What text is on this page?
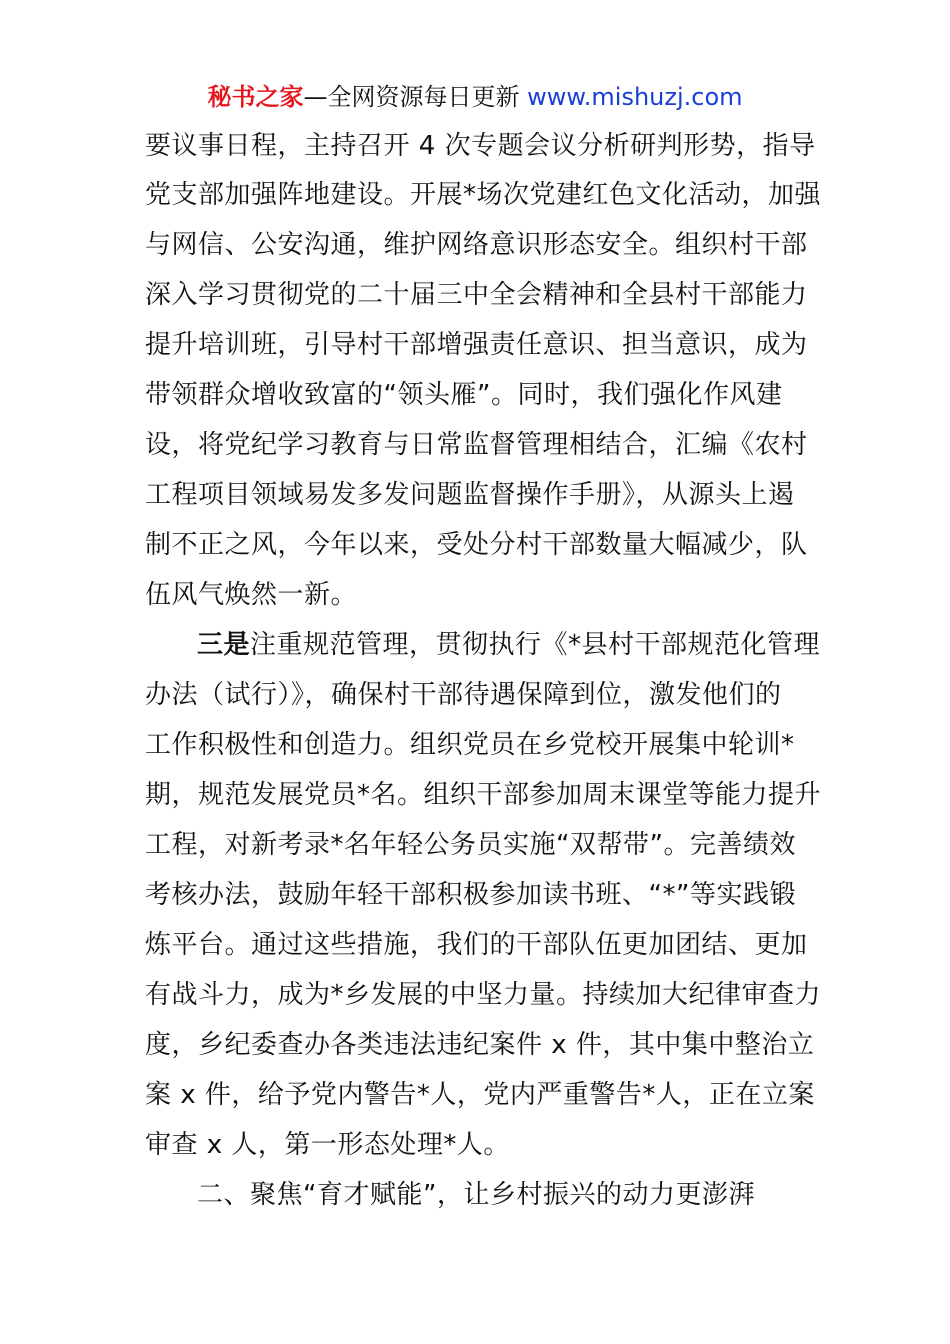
秘书之家—全网资源每日更新 www.mishuzj.com
要议事日程，主持召开 4 次专题会议分析研判形势，指导
党支部加强阵地建设。开展*场次党建红色文化活动，加强
与网信、公安沟通，维护网络意识形态安全。组织村干部
深入学习贯彻党的二十届三中全会精神和全县村干部能力
提升培训班，引导村干部增强责任意识、担当意识，成为
带领群众增收致富的“领头雁”。同时，我们强化作风建
设，将党纪学习教育与日常监督管理相结合，汇编《农村
工程项目领域易发多发问题监督操作手册》，从源头上遏
制不正之风，今年以来，受处分村干部数量大幅减少，队
伍风气焕然一新。
三是注重规范管理，贯彻执行《*县村干部规范化管理
办法（试行）》，确保村干部待遇保障到位，激发他们的
工作积极性和创造力。组织党员在乡党校开展集中轮训*
期，规范发展党员*名。组织干部参加周末课堂等能力提升
工程，对新考录*名年轻公务员实施“双帮带”。完善绩效
考核办法，鼓励年轻干部积极参加读书班、“*”等实践锻
炼平台。通过这些措施，我们的干部队伍更加团结、更加
有战斗力，成为*乡发展的中坚力量。持续加大纪律审查力
度，乡纪委查办各类违法违纪案件 x 件，其中集中整治立
案 x 件，给予党内警告*人，党内严重警告*人，正在立案
审查 x 人，第一形态处理*人。
二、聚焦“育才赋能”，让乡村振兴的动力更澎湃
